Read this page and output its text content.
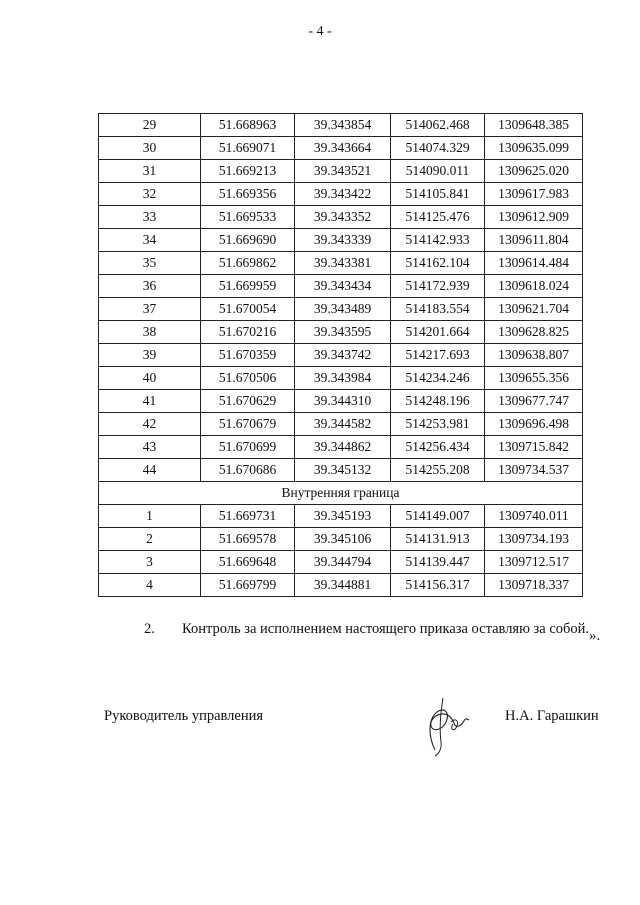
- 4 -
29	51.668963	39.343854	514062.468	1309648.385
30	51.669071	39.343664	514074.329	1309635.099
31	51.669213	39.343521	514090.011	1309625.020
32	51.669356	39.343422	514105.841	1309617.983
33	51.669533	39.343352	514125.476	1309612.909
34	51.669690	39.343339	514142.933	1309611.804
35	51.669862	39.343381	514162.104	1309614.484
36	51.669959	39.343434	514172.939	1309618.024
37	51.670054	39.343489	514183.554	1309621.704
38	51.670216	39.343595	514201.664	1309628.825
39	51.670359	39.343742	514217.693	1309638.807
40	51.670506	39.343984	514234.246	1309655.356
41	51.670629	39.344310	514248.196	1309677.747
42	51.670679	39.344582	514253.981	1309696.498
43	51.670699	39.344862	514256.434	1309715.842
44	51.670686	39.345132	514255.208	1309734.537
Внутренняя граница				
1	51.669731	39.345193	514149.007	1309740.011
2	51.669578	39.345106	514131.913	1309734.193
3	51.669648	39.344794	514139.447	1309712.517
4	51.669799	39.344881	514156.317	1309718.337
».
2. Контроль за исполнением настоящего приказа оставляю за собой.
Руководитель управления	Н.А. Гарашкин
